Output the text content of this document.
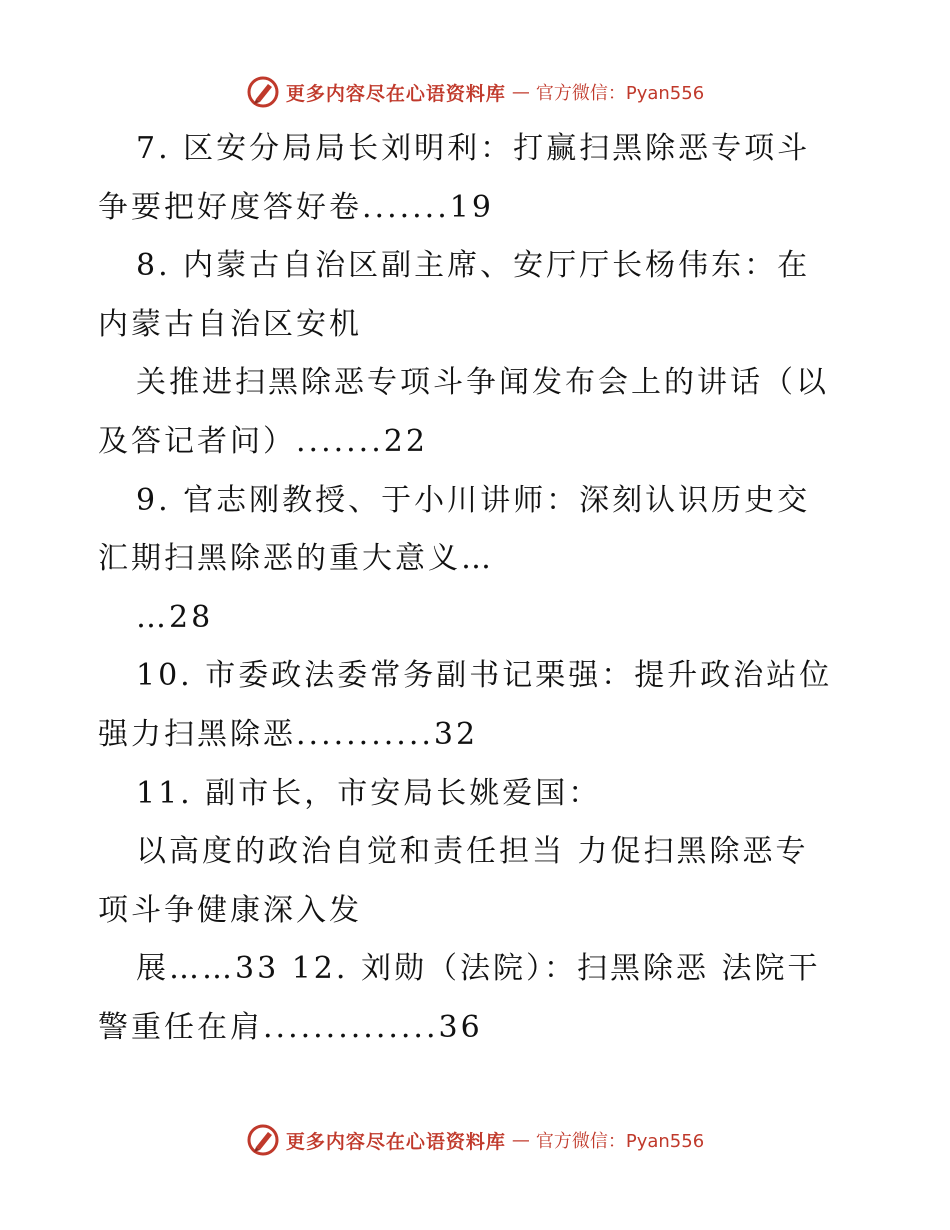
更多内容尽在心语资料库 — 官方微信：Pyan556
7. 区安分局局长刘明利：打赢扫黑除恶专项斗
争要把好度答好卷.......19
8. 内蒙古自治区副主席、安厅厅长杨伟东：在
内蒙古自治区安机
关推进扫黑除恶专项斗争闻发布会上的讲话（以
及答记者问）.......22
9. 官志刚教授、于小川讲师：深刻认识历史交
汇期扫黑除恶的重大意义…
…28
10. 市委政法委常务副书记栗强：提升政治站位
强力扫黑除恶...........32
11. 副市长，市安局长姚爱国：
以高度的政治自觉和责任担当 力促扫黑除恶专
项斗争健康深入发
展……33 12. 刘勋（法院）：扫黑除恶 法院干
警重任在肩..............36
更多内容尽在心语资料库 — 官方微信：Pyan556
